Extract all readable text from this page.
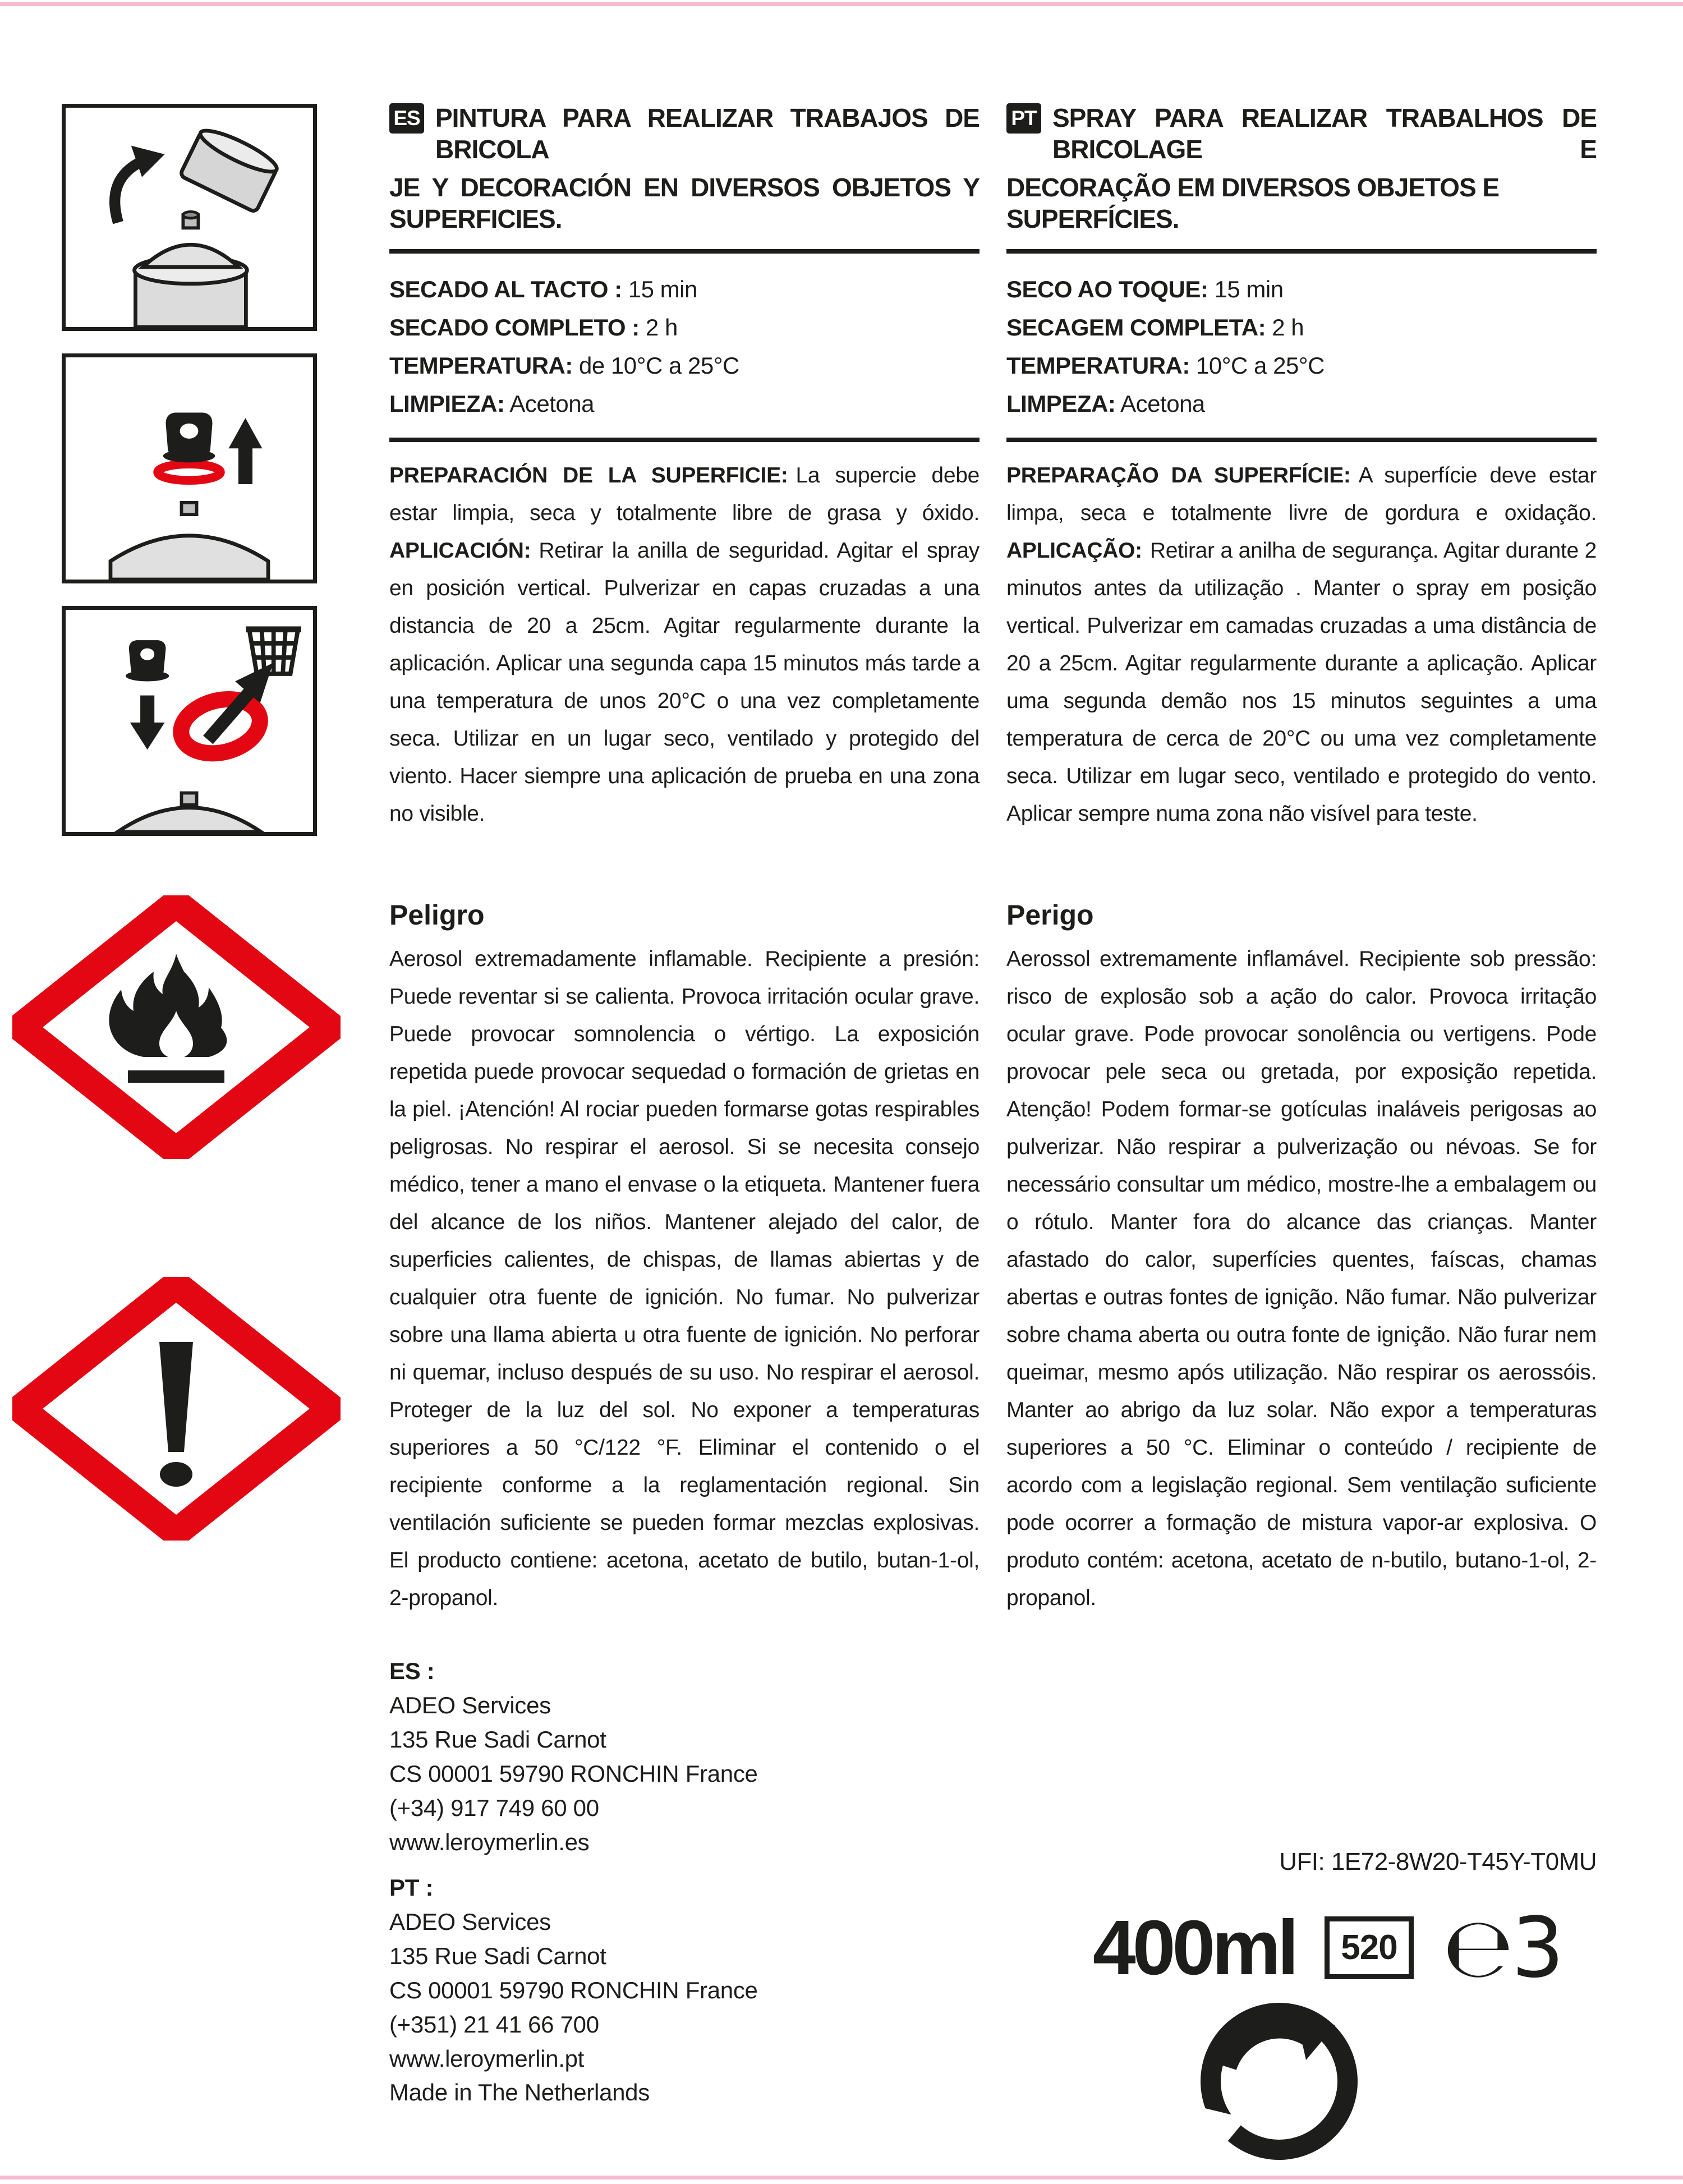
ES PINTURA PARA REALIZAR TRABAJOS DE BRICOLA
JE Y DECORACIÓN EN DIVERSOS OBJETOS Y SUPERFICIES.
SECADO AL TACTO : 15 min
SECADO COMPLETO : 2 h
TEMPERATURA: de 10°C a 25°C
LIMPIEZA: Acetona

PREPARACIÓN DE LA SUPERFICIE: La supercie debe estar limpia, seca y totalmente libre de grasa y óxido. APLICACIÓN: Retirar la anilla de seguridad. Agitar el spray en posición vertical. Pulverizar en capas cruzadas a una distancia de 20 a 25cm. Agitar regularmente durante la aplicación. Aplicar una segunda capa 15 minutos más tarde a una temperatura de unos 20°C o una vez completamente seca. Utilizar en un lugar seco, ventilado y protegido del viento. Hacer siempre una aplicación de prueba en una zona no visible.

PT SPRAY PARA REALIZAR TRABALHOS DE BRICOLAGE E
DECORAÇÃO EM DIVERSOS OBJETOS E SUPERFÍCIES.
SECO AO TOQUE: 15 min
SECAGEM COMPLETA: 2 h
TEMPERATURA: 10°C a 25°C
LIMPEZA: Acetona

PREPARAÇÃO DA SUPERFÍCIE: A superfície deve estar limpa, seca e totalmente livre de gordura e oxidação. APLICAÇÃO: Retirar a anilha de segurança. Agitar durante 2 minutos antes da utilização . Manter o spray em posição vertical. Pulverizar em camadas cruzadas a uma distância de 20 a 25cm. Agitar regularmente durante a aplicação. Aplicar uma segunda demão nos 15 minutos seguintes a uma temperatura de cerca de 20°C ou uma vez completamente seca. Utilizar em lugar seco, ventilado e protegido do vento. Aplicar sempre numa zona não visível para teste.

Peligro
Aerosol extremadamente inflamable. Recipiente a presión: Puede reventar si se calienta. Provoca irritación ocular grave. Puede provocar somnolencia o vértigo. La exposición repetida puede provocar sequedad o formación de grietas en la piel. ¡Atención! Al rociar pueden formarse gotas respirables peligrosas. No respirar el aerosol. Si se necesita consejo médico, tener a mano el envase o la etiqueta. Mantener fuera del alcance de los niños. Mantener alejado del calor, de superficies calientes, de chispas, de llamas abiertas y de cualquier otra fuente de ignición. No fumar. No pulverizar sobre una llama abierta u otra fuente de ignición. No perforar ni quemar, incluso después de su uso. No respirar el aerosol. Proteger de la luz del sol. No exponer a temperaturas superiores a 50 °C/122 °F. Eliminar el contenido o el recipiente conforme a la reglamentación regional. Sin ventilación suficiente se pueden formar mezclas explosivas. El producto contiene: acetona, acetato de butilo, butan-1-ol, 2-propanol.
Perigo
Aerossol extremamente inflamável. Recipiente sob pressão: risco de explosão sob a ação do calor. Provoca irritação ocular grave. Pode provocar sonolência ou vertigens. Pode provocar pele seca ou gretada, por exposição repetida. Atenção! Podem formar-se gotículas inaláveis perigosas ao pulverizar. Não respirar a pulverização ou névoas. Se for necessário consultar um médico, mostre-lhe a embalagem ou o rótulo. Manter fora do alcance das crianças. Manter afastado do calor, superfícies quentes, faíscas, chamas abertas e outras fontes de ignição. Não fumar. Não pulverizar sobre chama aberta ou outra fonte de ignição. Não furar nem queimar, mesmo após utilização. Não respirar os aerossóis. Manter ao abrigo da luz solar. Não expor a temperaturas superiores a 50 °C. Eliminar o conteúdo / recipiente de acordo com a legislação regional. Sem ventilação suficiente pode ocorrer a formação de mistura vapor-ar explosiva. O produto contém: acetona, acetato de n-butilo, butano-1-ol, 2-propanol.
ES :
ADEO Services
135 Rue Sadi Carnot
CS 00001 59790 RONCHIN France
(+34) 917 749 60 00
www.leroymerlin.es
PT :
ADEO Services
135 Rue Sadi Carnot
CS 00001 59790 RONCHIN France
(+351) 21 41 66 700
www.leroymerlin.pt
Made in The Netherlands
UFI: 1E72-8W20-T45Y-T0MU
400ml	520 ℮3
